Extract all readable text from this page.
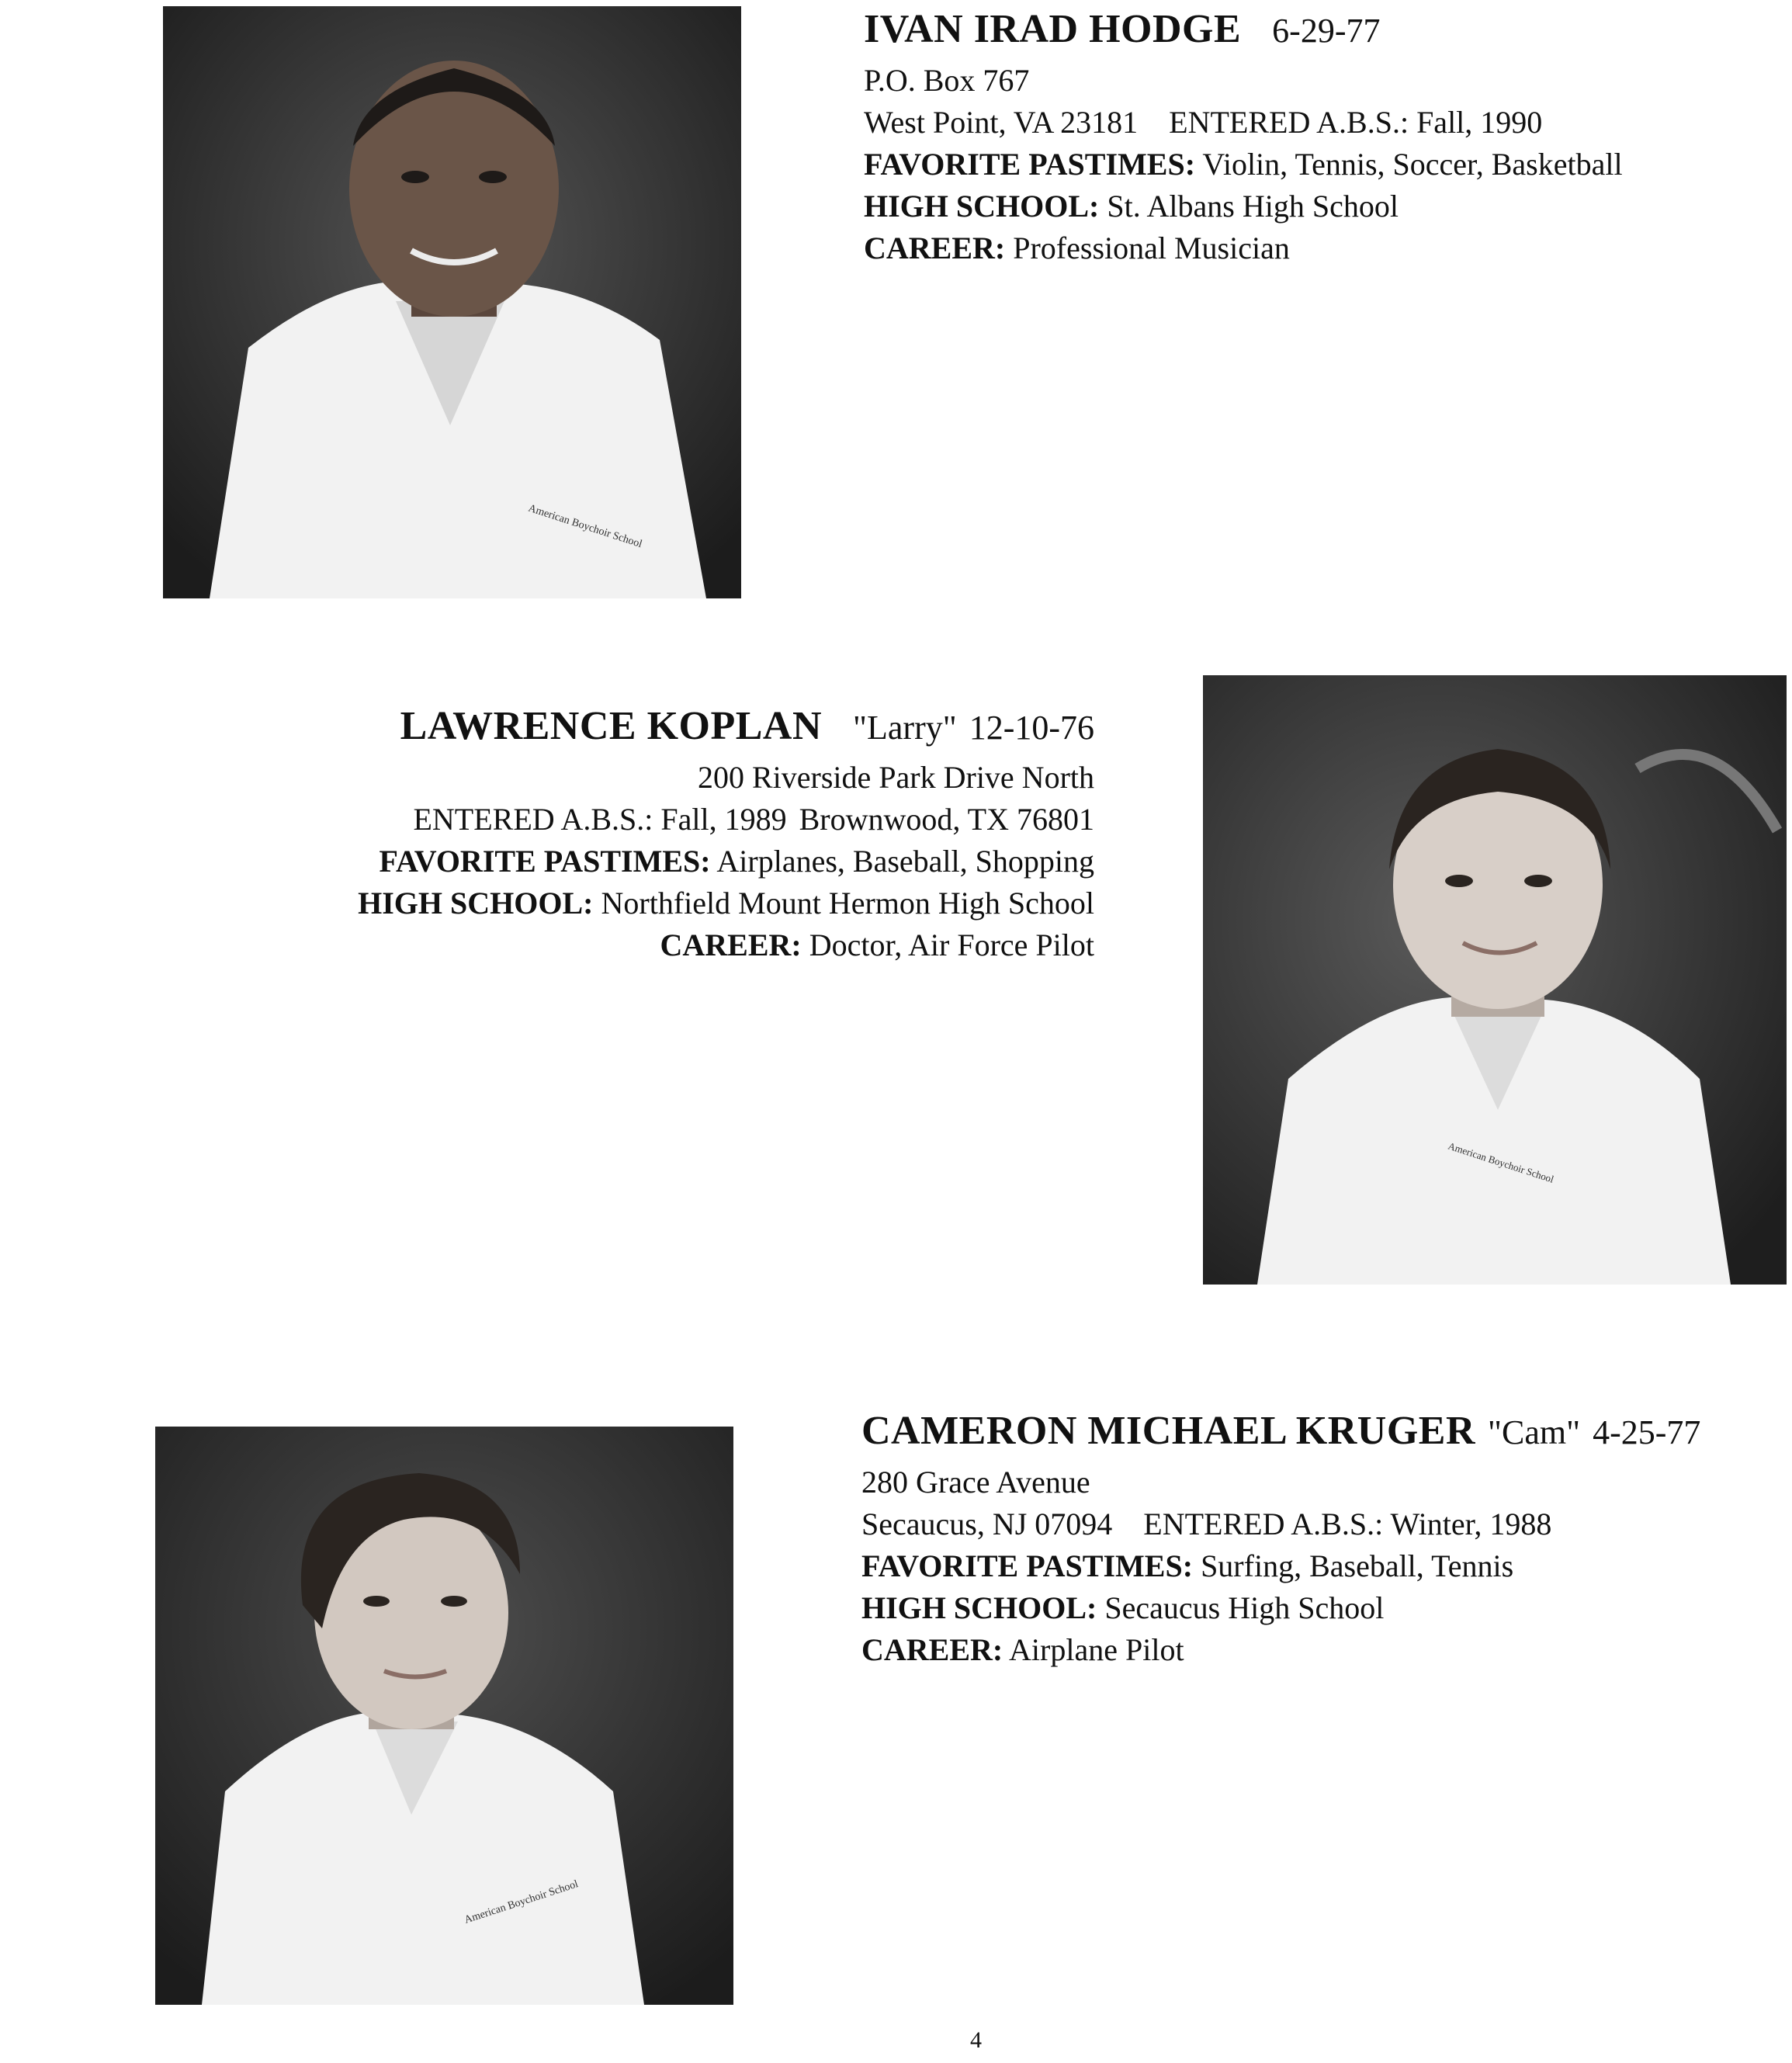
American Boychoir School
IVAN IRAD HODGE 6-29-77
P.O. Box 767
West Point, VA 23181 ENTERED A.B.S.: Fall, 1990
FAVORITE PASTIMES: Violin, Tennis, Soccer, Basketball
HIGH SCHOOL: St. Albans High School
CAREER: Professional Musician
LAWRENCE KOPLAN "Larry" 12-10-76
200 Riverside Park Drive North
ENTERED A.B.S.: Fall, 1989 Brownwood, TX 76801
FAVORITE PASTIMES: Airplanes, Baseball, Shopping
HIGH SCHOOL: Northfield Mount Hermon High School
CAREER: Doctor, Air Force Pilot
American Boychoir School
American Boychoir School
CAMERON MICHAEL KRUGER "Cam" 4-25-77
280 Grace Avenue
Secaucus, NJ 07094 ENTERED A.B.S.: Winter, 1988
FAVORITE PASTIMES: Surfing, Baseball, Tennis
HIGH SCHOOL: Secaucus High School
CAREER: Airplane Pilot
4
